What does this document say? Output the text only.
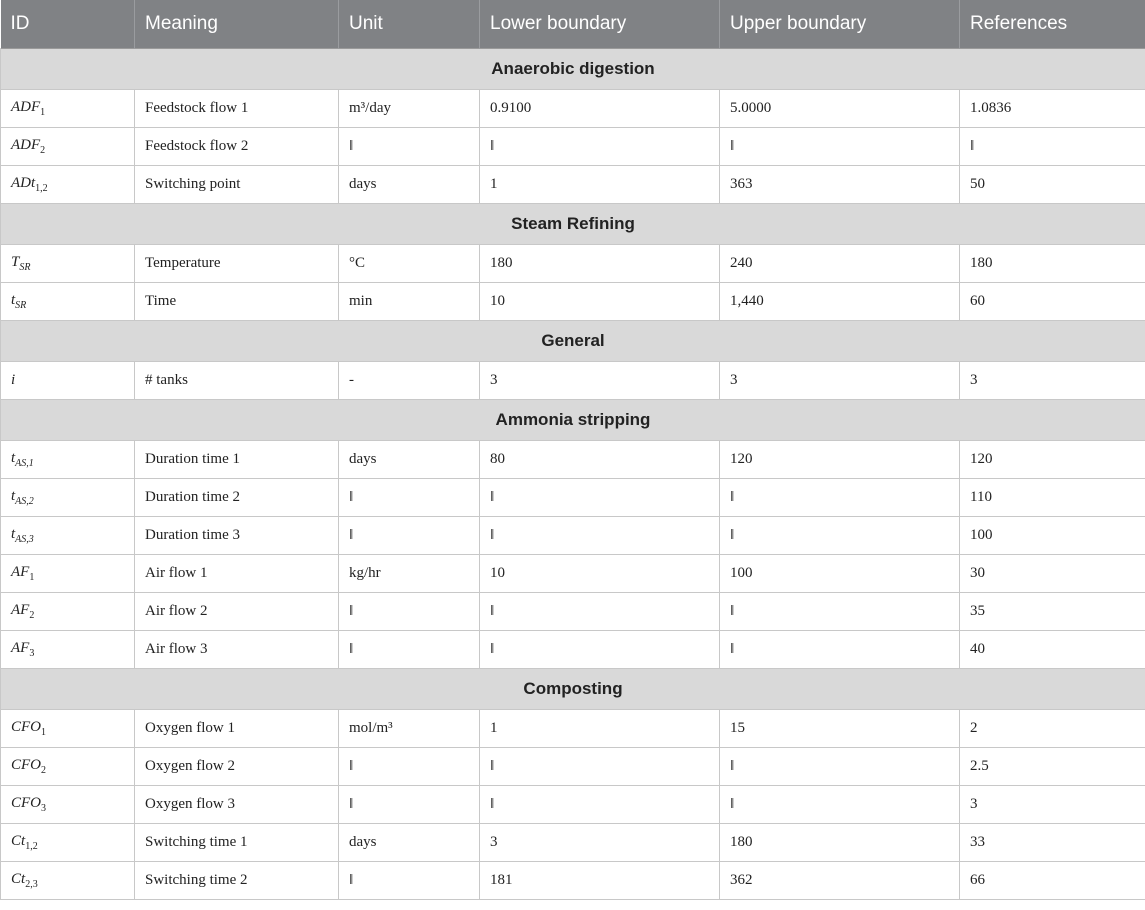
ID	Meaning	Unit	Lower boundary	Upper boundary	References
Anaerobic digestion					
$ADF_1$	Feedstock flow 1	m³/day	0.9100	5.0000	1.0836
$ADF_2$	Feedstock flow 2	‖	‖	‖	‖
ADt$_{1,2}$	Switching point	days	1	363	50
Steam Refining					
$T_{SR}$	Temperature	°C	180	240	180
$t_{SR}$	Time	min	10	1,440	60
General					
i	# tanks	-	3	3	3
Ammonia stripping					
$t_{AS,1}$	Duration time 1	days	80	120	120
$t_{AS,2}$	Duration time 2	‖	‖	‖	110
$t_{AS,3}$	Duration time 3	‖	‖	‖	100
$AF_1$	Air flow 1	kg/hr	10	100	30
$AF_2$	Air flow 2	‖	‖	‖	35
$AF_3$	Air flow 3	‖	‖	‖	40
Composting					
$CFO_1$	Oxygen flow 1	mol/m³	1	15	2
$CFO_2$	Oxygen flow 2	‖	‖	‖	2.5
$CFO_3$	Oxygen flow 3	‖	‖	‖	3
$Ct_{1,2}$	Switching time 1	days	3	180	33
$Ct_{2,3}$	Switching time 2	‖	181	362	66
